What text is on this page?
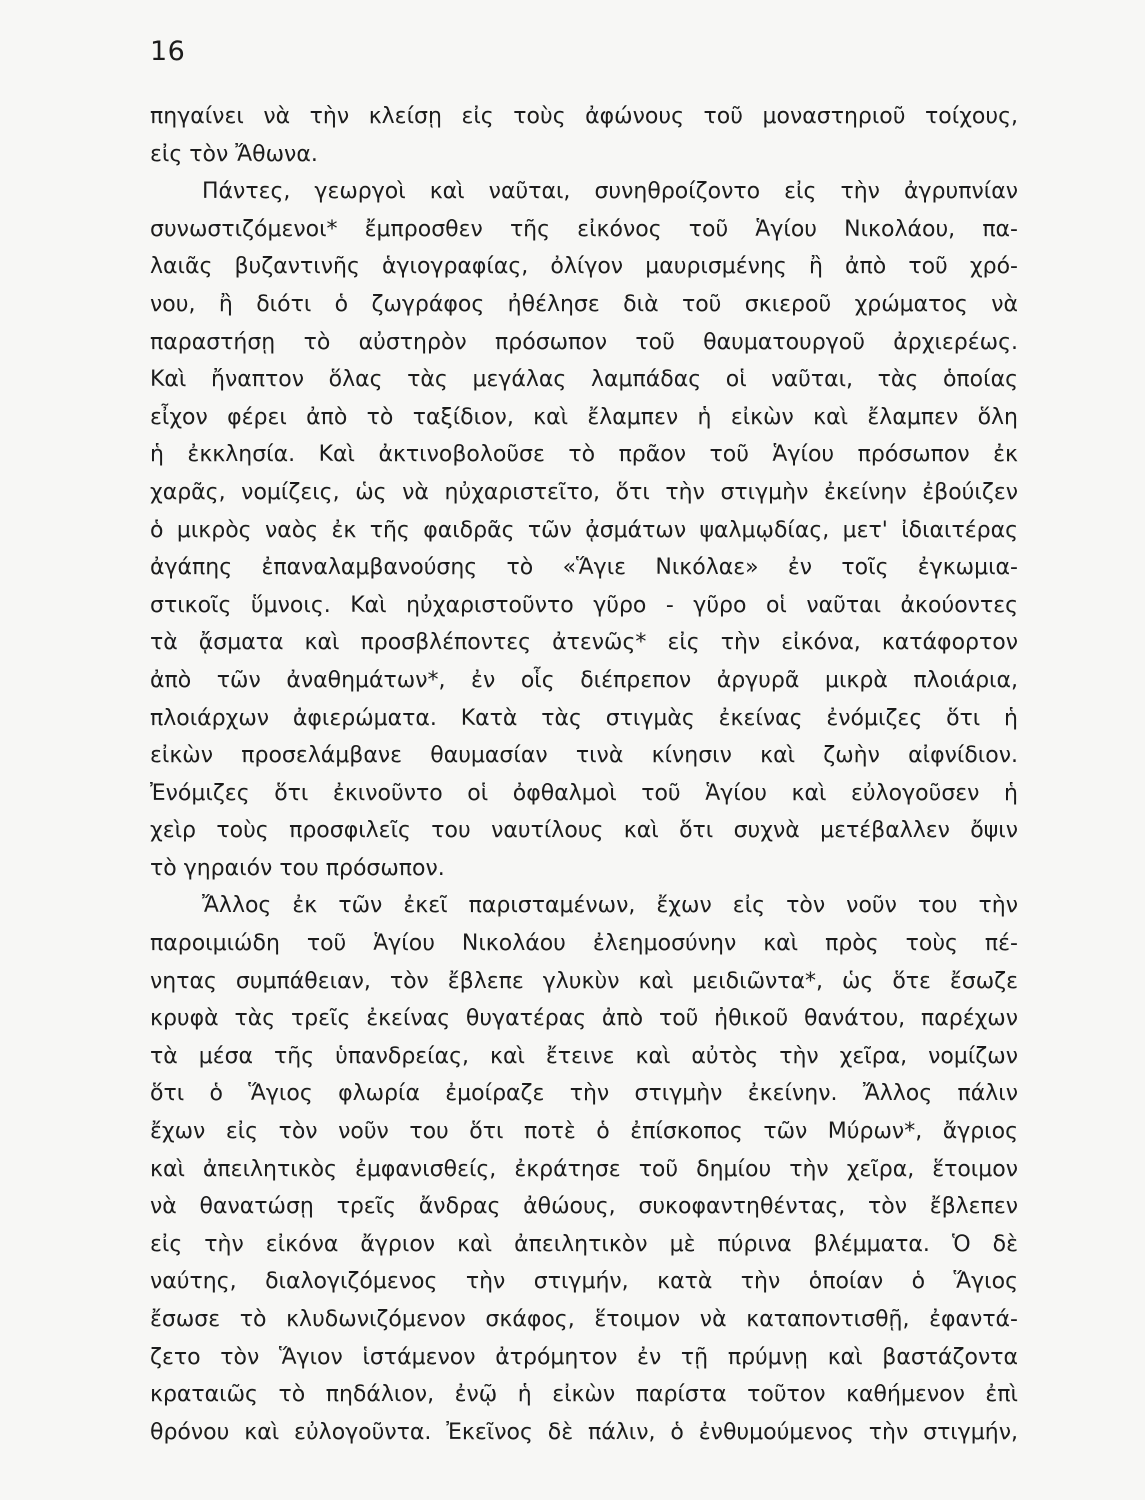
16
πηγαίνει νὰ τὴν κλείσῃ εἰς τοὺς ἀφώνους τοῦ μοναστηριοῦ τοίχους,
εἰς τὸν Ἄθωνα.
Πάντες, γεωργοὶ καὶ ναῦται, συνηθροίζοντο εἰς τὴν ἀγρυπνίαν
συνωστιζόμενοι* ἔμπροσθεν τῆς εἰκόνος τοῦ Ἁγίου Νικολάου, πα-
λαιᾶς βυζαντινῆς ἁγιογραφίας, ὀλίγον μαυρισμένης ἢ ἀπὸ τοῦ χρό-
νου, ἢ διότι ὁ ζωγράφος ἠθέλησε διὰ τοῦ σκιεροῦ χρώματος νὰ
παραστήσῃ τὸ αὐστηρὸν πρόσωπον τοῦ θαυματουργοῦ ἀρχιερέως.
Καὶ ἤναπτον ὅλας τὰς μεγάλας λαμπάδας οἱ ναῦται, τὰς ὁποίας
εἶχον φέρει ἀπὸ τὸ ταξίδιον, καὶ ἔλαμπεν ἡ εἰκὼν καὶ ἔλαμπεν ὅλη
ἡ ἐκκλησία. Καὶ ἀκτινοβολοῦσε τὸ πρᾶον τοῦ Ἁγίου πρόσωπον ἐκ
χαρᾶς, νομίζεις, ὡς νὰ ηὐχαριστεῖτο, ὅτι τὴν στιγμὴν ἐκείνην ἐβούιζεν
ὁ μικρὸς ναὸς ἐκ τῆς φαιδρᾶς τῶν ᾀσμάτων ψαλμῳδίας, μετ' ἰδιαιτέρας
ἀγάπης ἐπαναλαμβανούσης τὸ «Ἅγιε Νικόλαε» ἐν τοῖς ἐγκωμια-
στικοῖς ὕμνοις. Καὶ ηὐχαριστοῦντο γῦρο - γῦρο οἱ ναῦται ἀκούοντες
τὰ ᾄσματα καὶ προσβλέποντες ἀτενῶς* εἰς τὴν εἰκόνα, κατάφορτον
ἀπὸ τῶν ἀναθημάτων*, ἐν οἷς διέπρεπον ἀργυρᾶ μικρὰ πλοιάρια,
πλοιάρχων ἀφιερώματα. Κατὰ τὰς στιγμὰς ἐκείνας ἐνόμιζες ὅτι ἡ
εἰκὼν προσελάμβανε θαυμασίαν τινὰ κίνησιν καὶ ζωὴν αἰφνίδιον.
Ἐνόμιζες ὅτι ἐκινοῦντο οἱ ὀφθαλμοὶ τοῦ Ἁγίου καὶ εὐλογοῦσεν ἡ
χεὶρ τοὺς προσφιλεῖς του ναυτίλους καὶ ὅτι συχνὰ μετέβαλλεν ὄψιν
τὸ γηραιόν του πρόσωπον.
Ἄλλος ἐκ τῶν ἐκεῖ παρισταμένων, ἔχων εἰς τὸν νοῦν του τὴν
παροιμιώδη τοῦ Ἁγίου Νικολάου ἐλεημοσύνην καὶ πρὸς τοὺς πέ-
νητας συμπάθειαν, τὸν ἔβλεπε γλυκὺν καὶ μειδιῶντα*, ὡς ὅτε ἔσωζε
κρυφὰ τὰς τρεῖς ἐκείνας θυγατέρας ἀπὸ τοῦ ἠθικοῦ θανάτου, παρέχων
τὰ μέσα τῆς ὑπανδρείας, καὶ ἔτεινε καὶ αὐτὸς τὴν χεῖρα, νομίζων
ὅτι ὁ Ἅγιος φλωρία ἐμοίραζε τὴν στιγμὴν ἐκείνην. Ἄλλος πάλιν
ἔχων εἰς τὸν νοῦν του ὅτι ποτὲ ὁ ἐπίσκοπος τῶν Μύρων*, ἄγριος
καὶ ἀπειλητικὸς ἐμφανισθείς, ἐκράτησε τοῦ δημίου τὴν χεῖρα, ἕτοιμον
νὰ θανατώσῃ τρεῖς ἄνδρας ἀθώους, συκοφαντηθέντας, τὸν ἔβλεπεν
εἰς τὴν εἰκόνα ἄγριον καὶ ἀπειλητικὸν μὲ πύρινα βλέμματα. Ὁ δὲ
ναύτης, διαλογιζόμενος τὴν στιγμήν, κατὰ τὴν ὁποίαν ὁ Ἅγιος
ἔσωσε τὸ κλυδωνιζόμενον σκάφος, ἕτοιμον νὰ καταποντισθῇ, ἐφαντά-
ζετο τὸν Ἅγιον ἱστάμενον ἀτρόμητον ἐν τῇ πρύμνῃ καὶ βαστάζοντα
κραταιῶς τὸ πηδάλιον, ἐνῷ ἡ εἰκὼν παρίστα τοῦτον καθήμενον ἐπὶ
θρόνου καὶ εὐλογοῦντα. Ἐκεῖνος δὲ πάλιν, ὁ ἐνθυμούμενος τὴν στιγμήν,
